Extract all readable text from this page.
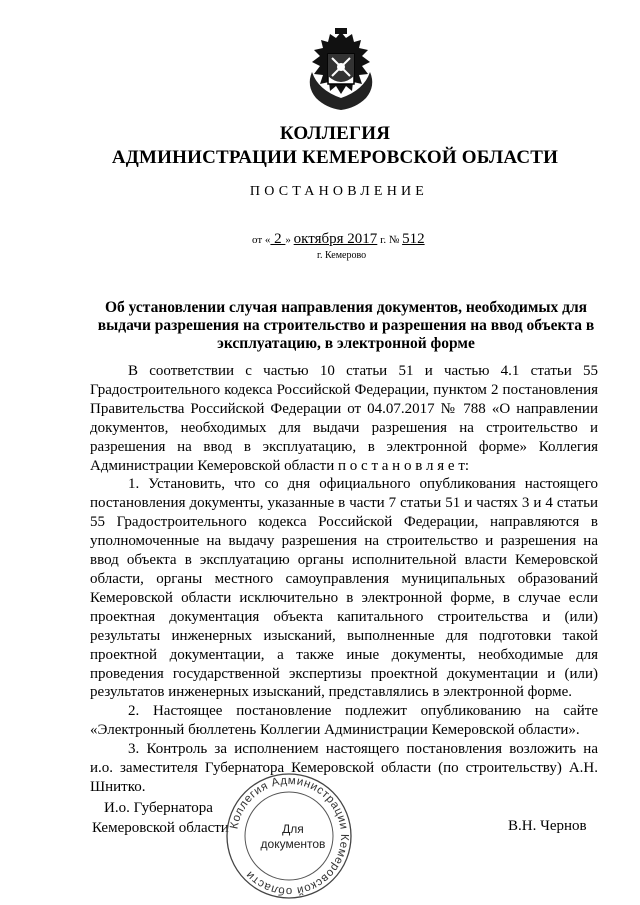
КОЛЛЕГИЯ
АДМИНИСТРАЦИИ КЕМЕРОВСКОЙ ОБЛАСТИ
ПОСТАНОВЛЕНИЕ
от « 2 » октября 2017 г. № 512
г. Кемерово
Об установлении случая направления документов, необходимых для выдачи разрешения на строительство и разрешения на ввод объекта в эксплуатацию, в электронной форме

В соответствии с частью 10 статьи 51 и частью 4.1 статьи 55 Градостроительного кодекса Российской Федерации, пунктом 2 постановления Правительства Российской Федерации от 04.07.2017 № 788 «О направлении документов, необходимых для выдачи разрешения на строительство и разрешения на ввод в эксплуатацию, в электронной форме» Коллегия Администрации Кемеровской области п о с т а н о в л я е т:

1. Установить, что со дня официального опубликования настоящего постановления документы, указанные в части 7 статьи 51 и частях 3 и 4 статьи 55 Градостроительного кодекса Российской Федерации, направляются в уполномоченные на выдачу разрешения на строительство и разрешения на ввод объекта в эксплуатацию органы исполнительной власти Кемеровской области, органы местного самоуправления муниципальных образований Кемеровской области исключительно в электронной форме, в случае если проектная документация объекта капитального строительства и (или) результаты инженерных изысканий, выполненные для подготовки такой проектной документации, а также иные документы, необходимые для проведения государственной экспертизы проектной документации и (или) результатов инженерных изысканий, представлялись в электронной форме.

2. Настоящее постановление подлежит опубликованию на сайте «Электронный бюллетень Коллегии Администрации Кемеровской области».

3. Контроль за исполнением настоящего постановления возложить на и.о. заместителя Губернатора Кемеровской области (по строительству) А.Н. Шнитко.

И.о. Губернатора
Кемеровской области	В.Н. Чернов
Коллегия Администрации Кемеровской области
Для
документов
